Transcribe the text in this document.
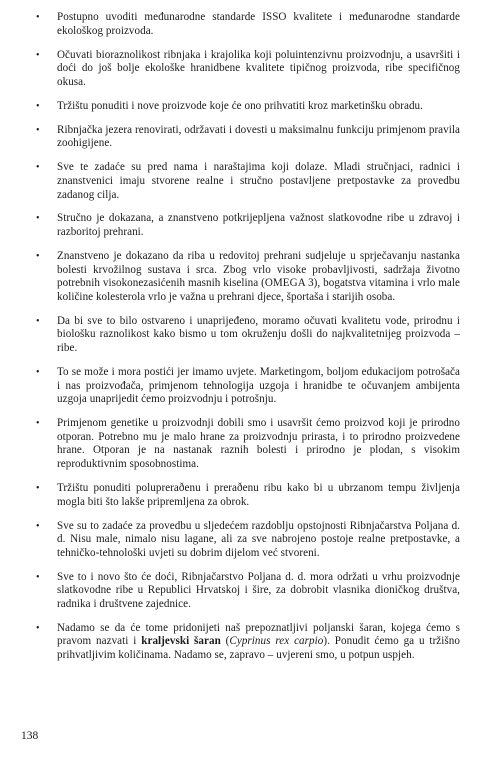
• Postupno uvoditi međunarodne standarde ISSO kvalitete i međunarodne standarde ekološkog proizvoda.
• Očuvati bioraznolikost ribnjaka i krajolika koji poluintenzivnu proizvodnju, a usavršiti i doći do još bolje ekološke hranidbene kvalitete tipičnog proizvoda, ribe specifičnog okusa.
• Tržištu ponuditi i nove proizvode koje će ono prihvatiti kroz marketinšku obradu.
• Ribnjačka jezera renovirati, održavati i dovesti u maksimalnu funkciju primjenom pravila zoohigijene.
• Sve te zadaće su pred nama i naraštajima koji dolaze. Mladi stručnjaci, radnici i znanstvenici imaju stvorene realne i stručno postavljene pretpostavke za provedbu zadanog cilja.
• Stručno je dokazana, a znanstveno potkrijepljena važnost slatkovodne ribe u zdravoj i razboritoj prehrani.
• Znanstveno je dokazano da riba u redovitoj prehrani sudjeluje u sprječavanju nastanka bolesti krvožilnog sustava i srca. Zbog vrlo visoke probavljivosti, sadržaja životno potrebnih visokonezasićenih masnih kiselina (OMEGA 3), bogatstva vitamina i vrlo male količine kolesterola vrlo je važna u prehrani djece, športaša i starijih osoba.
• Da bi sve to bilo ostvareno i unaprijeđeno, moramo očuvati kvalitetu vode, prirodnu i biološku raznolikost kako bismo u tom okruženju došli do najkvalitetnijeg proizvoda – ribe.
• To se može i mora postići jer imamo uvjete. Marketingom, boljom edukacijom potrošača i nas proizvođača, primjenom tehnologija uzgoja i hranidbe te očuvanjem ambijenta uzgoja unaprijedit ćemo proizvodnju i potrošnju.
• Primjenom genetike u proizvodnji dobili smo i usavršit ćemo proizvod koji je prirodno otporan. Potrebno mu je malo hrane za proizvodnju prirasta, i to prirodno proizvedene hrane. Otporan je na nastanak raznih bolesti i prirodno je plodan, s visokim reproduktivnim sposobnostima.
• Tržištu ponuditi polupreraðenu i preraðenu ribu kako bi u ubrzanom tempu življenja mogla biti što lakše pripremljena za obrok.
• Sve su to zadaće za provedbu u sljedećem razdoblju opstojnosti Ribnjačarstva Poljana d. d. Nisu male, nimalo nisu lagane, ali za sve nabrojeno postoje realne pretpostavke, a tehničko-tehnološki uvjeti su dobrim dijelom već stvoreni.
• Sve to i novo što će doći, Ribnjačarstvo Poljana d. d. mora održati u vrhu proizvodnje slatkovodne ribe u Republici Hrvatskoj i šire, za dobrobit vlasnika dioničkog društva, radnika i društvene zajednice.
• Nadamo se da će tome pridonijeti naš prepoznatljivi poljanski šaran, kojega ćemo s pravom nazvati i kraljevski šaran (Cyprinus rex carpio). Ponudit ćemo ga u tržišno prihvatljivim količinama. Nadamo se, zapravo – uvjereni smo, u potpun uspjeh.
138
